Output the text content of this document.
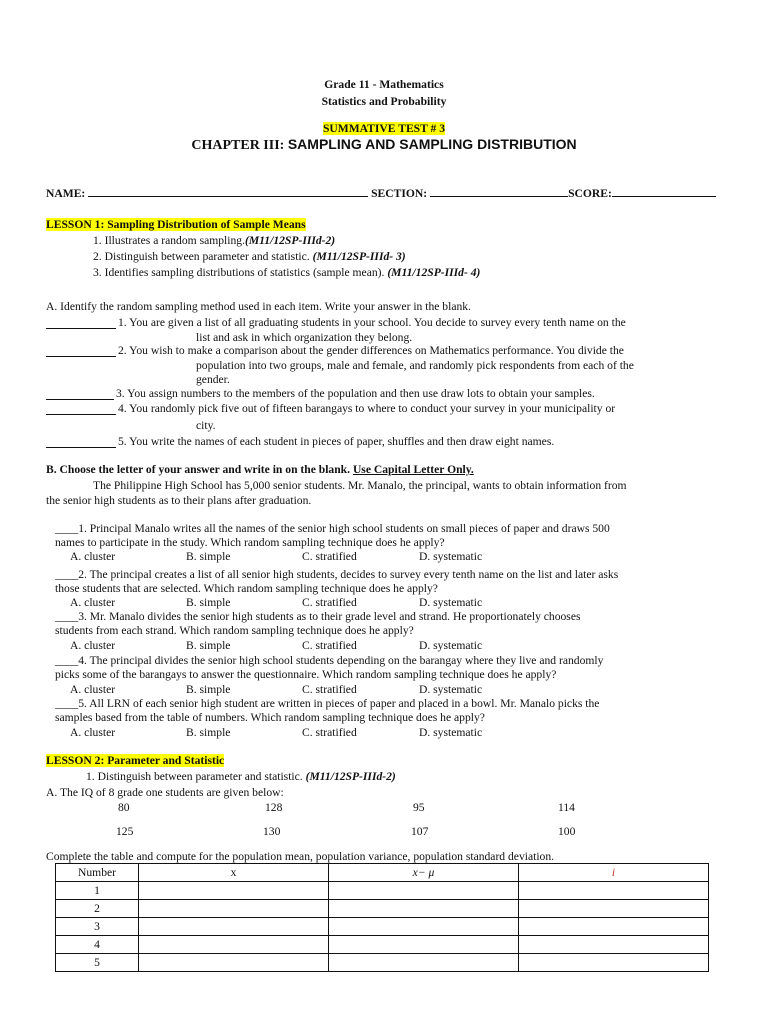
Grade 11 - Mathematics
Statistics and Probability
SUMMATIVE TEST # 3
CHAPTER III: SAMPLING AND SAMPLING DISTRIBUTION
NAME:	SECTION:	SCORE:
LESSON 1: Sampling Distribution of Sample Means
1. Illustrates a random sampling.(M11/12SP-IIId-2)
2. Distinguish between parameter and statistic. (M11/12SP-IIId- 3)
3. Identifies sampling distributions of statistics (sample mean). (M11/12SP-IIId- 4)
A. Identify the random sampling method used in each item. Write your answer in the blank.
1. You are given a list of all graduating students in your school. You decide to survey every tenth name on the
list and ask in which organization they belong.
2. You wish to make a comparison about the gender differences on Mathematics performance. You divide the
population into two groups, male and female, and randomly pick respondents from each of the
gender.
3. You assign numbers to the members of the population and then use draw lots to obtain your samples.
4. You randomly pick five out of fifteen barangays to where to conduct your survey in your municipality or
city.
5. You write the names of each student in pieces of paper, shuffles and then draw eight names.
B. Choose the letter of your answer and write in on the blank. Use Capital Letter Only.
The Philippine High School has 5,000 senior students. Mr. Manalo, the principal, wants to obtain information from
the senior high students as to their plans after graduation.
____1. Principal Manalo writes all the names of the senior high school students on small pieces of paper and draws 500
names to participate in the study. Which random sampling technique does he apply?
A. cluster	B. simple	C. stratified	D. systematic
____2. The principal creates a list of all senior high students, decides to survey every tenth name on the list and later asks
those students that are selected. Which random sampling technique does he apply?
A. cluster	B. simple	C. stratified	D. systematic
____3. Mr. Manalo divides the senior high students as to their grade level and strand. He proportionately chooses
students from each strand. Which random sampling technique does he apply?
A. cluster	B. simple	C. stratified	D. systematic
____4. The principal divides the senior high school students depending on the barangay where they live and randomly
picks some of the barangays to answer the questionnaire. Which random sampling technique does he apply?
A. cluster	B. simple	C. stratified	D. systematic
____5. All LRN of each senior high student are written in pieces of paper and placed in a bowl. Mr. Manalo picks the
samples based from the table of numbers. Which random sampling technique does he apply?
A. cluster	B. simple	C. stratified	D. systematic
LESSON 2: Parameter and Statistic
1. Distinguish between parameter and statistic. (M11/12SP-IIId-2)
A. The IQ of 8 grade one students are given below:
80	128	95	114
125	130	107	100
Complete the table and compute for the population mean, population variance, population standard deviation.
Number	x	x− μ	i
1			
2			
3			
4			
5			
